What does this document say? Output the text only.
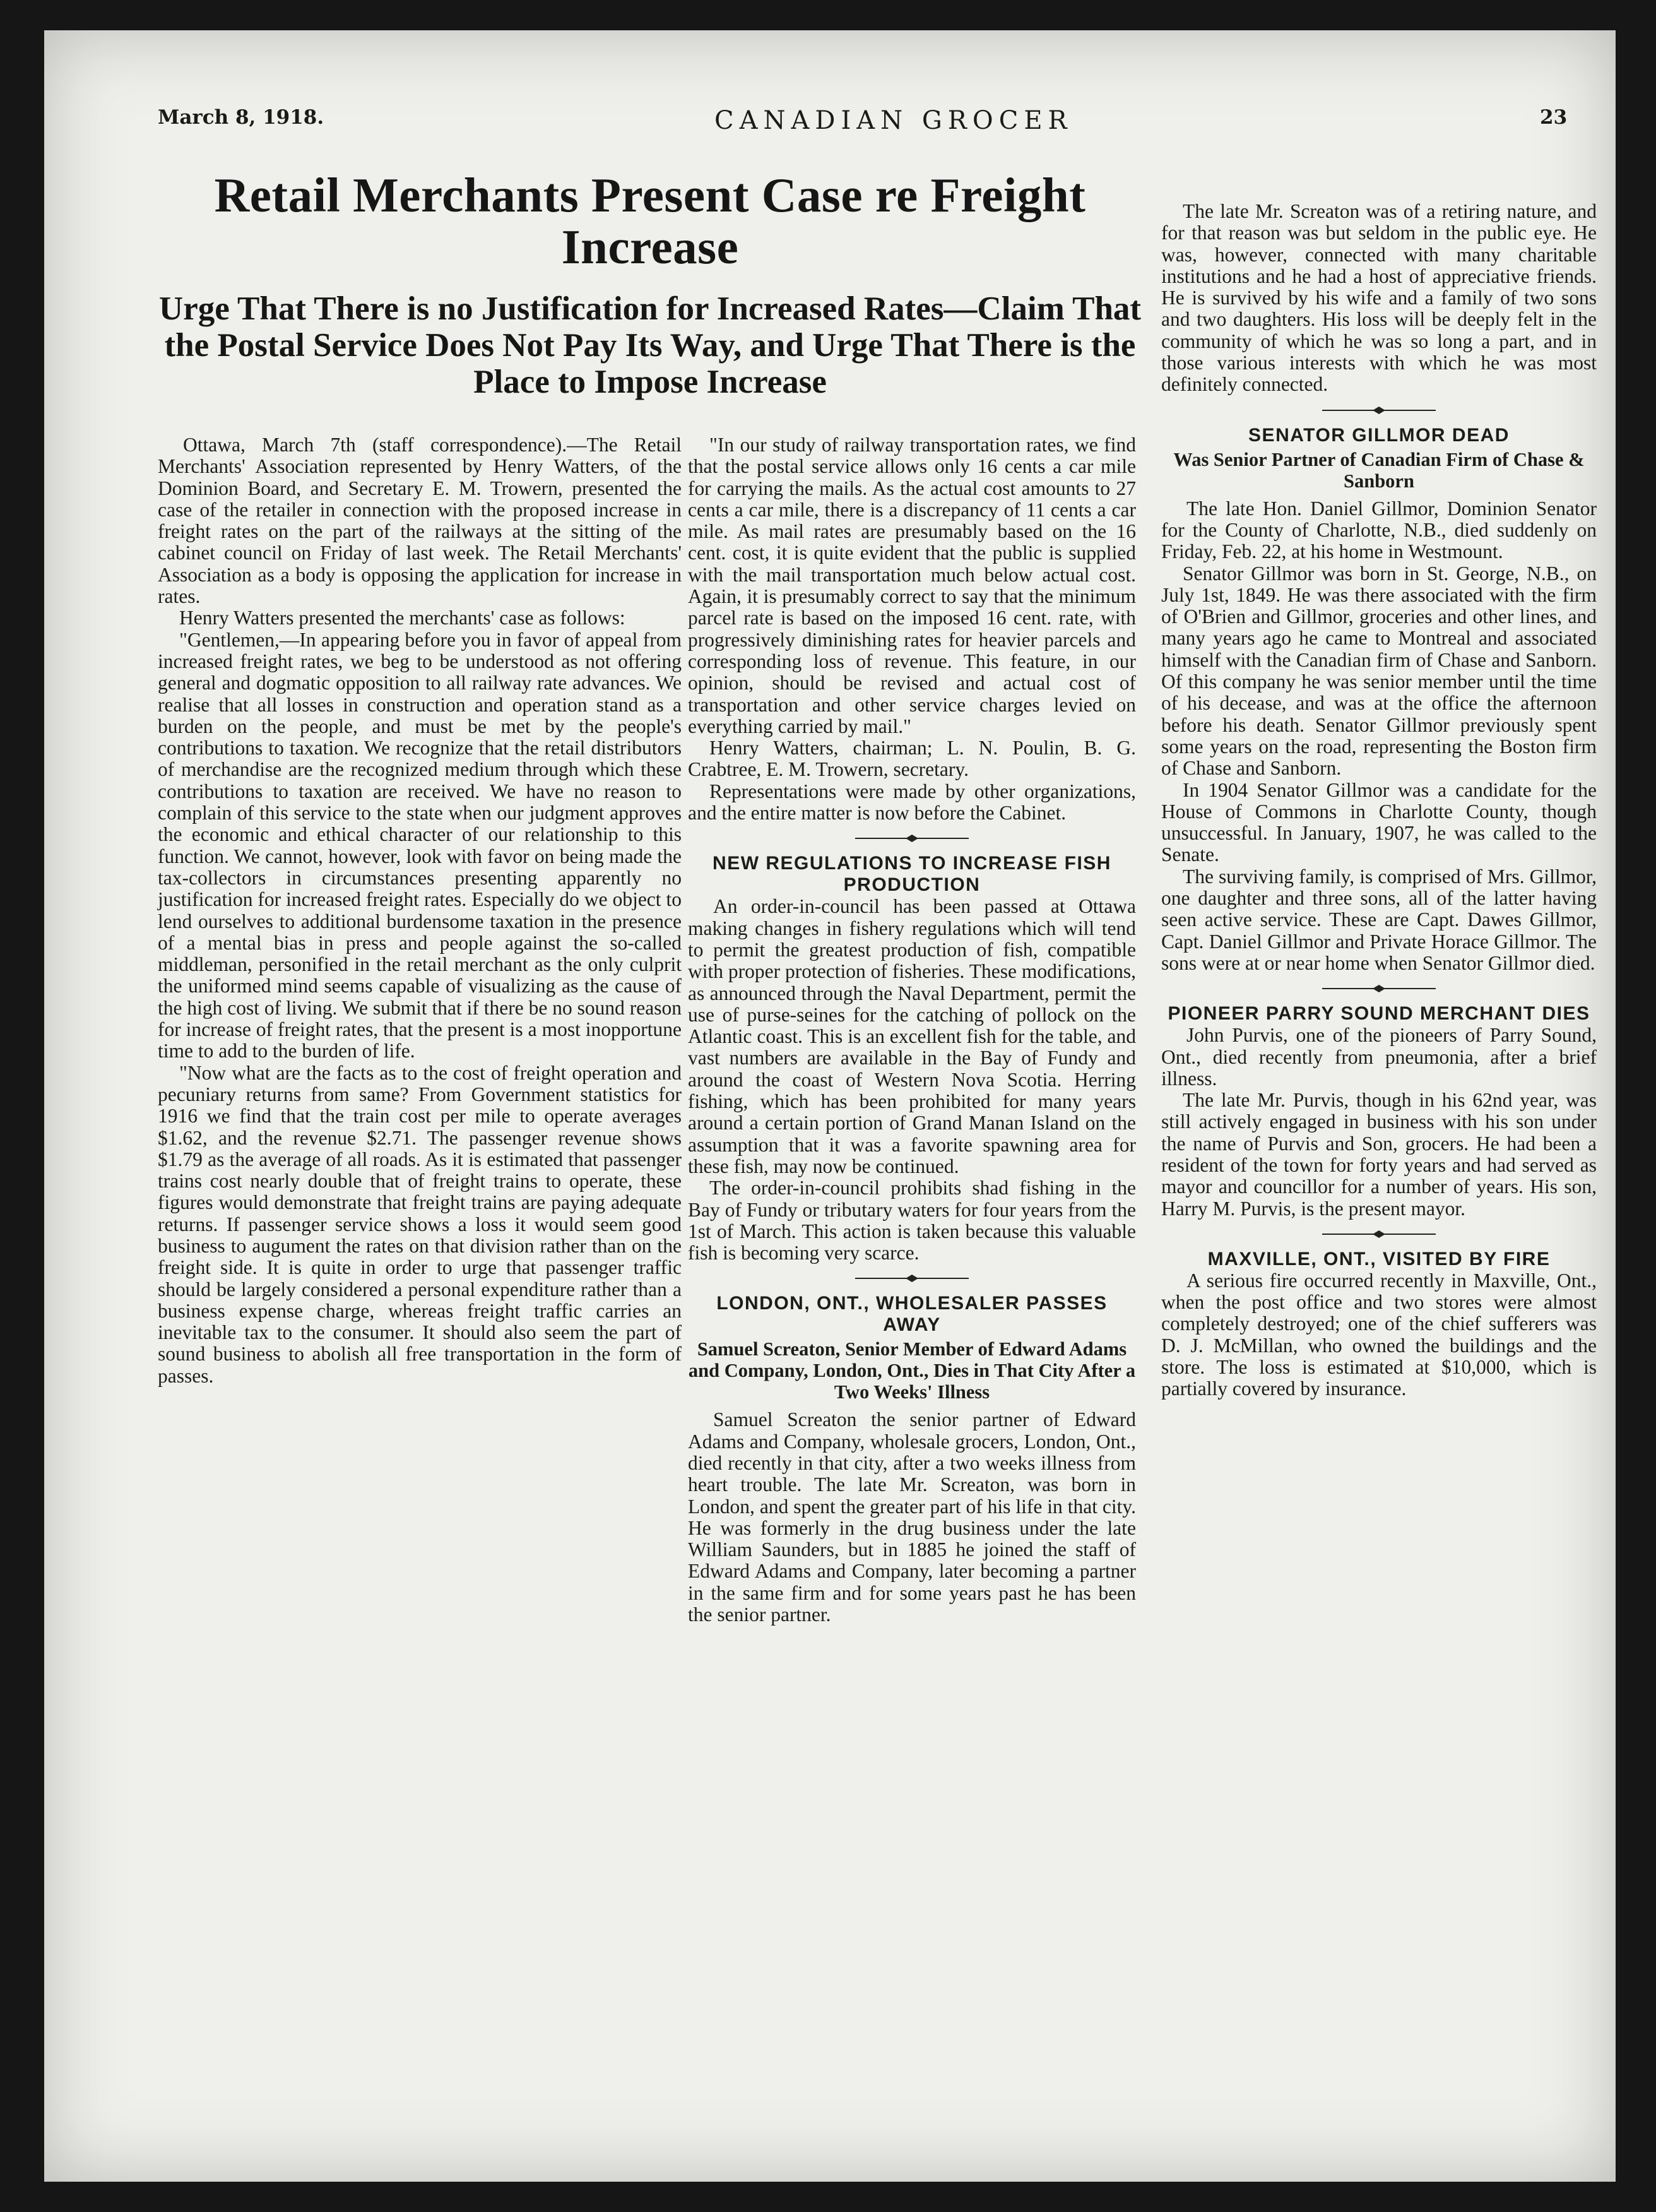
March 8, 1918.	CANADIAN GROCER	23
Retail Merchants Present Case re Freight Increase
Urge That There is no Justification for Increased Rates—Claim That the Postal Service Does Not Pay Its Way, and Urge That There is the Place to Impose Increase

Ottawa, March 7th (staff correspondence).—The Retail Merchants' Association represented by Henry Watters, of the Dominion Board, and Secretary E. M. Trowern, presented the case of the retailer in connection with the proposed increase in freight rates on the part of the railways at the sitting of the cabinet council on Friday of last week. The Retail Merchants' Association as a body is opposing the application for increase in rates.

Henry Watters presented the merchants' case as follows:

"Gentlemen,—In appearing before you in favor of appeal from increased freight rates, we beg to be understood as not offering general and dogmatic opposition to all railway rate advances. We realise that all losses in construction and operation stand as a burden on the people, and must be met by the people's contributions to taxation. We recognize that the retail distributors of merchandise are the recognized medium through which these contributions to taxation are received. We have no reason to complain of this service to the state when our judgment approves the economic and ethical character of our relationship to this function. We cannot, however, look with favor on being made the tax-collectors in circumstances presenting apparently no justification for increased freight rates. Especially do we object to lend ourselves to additional burdensome taxation in the presence of a mental bias in press and people against the so-called middleman, personified in the retail merchant as the only culprit the uniformed mind seems capable of visualizing as the cause of the high cost of living. We submit that if there be no sound reason for increase of freight rates, that the present is a most inopportune time to add to the burden of life.

"Now what are the facts as to the cost of freight operation and pecuniary returns from same? From Government statistics for 1916 we find that the train cost per mile to operate averages $1.62, and the revenue $2.71. The passenger revenue shows $1.79 as the average of all roads. As it is estimated that passenger trains cost nearly double that of freight trains to operate, these figures would demonstrate that freight trains are paying adequate returns. If passenger service shows a loss it would seem good business to augument the rates on that division rather than on the freight side. It is quite in order to urge that passenger traffic should be largely considered a personal expenditure rather than a business expense charge, whereas freight traffic carries an inevitable tax to the consumer. It should also seem the part of sound business to abolish all free transportation in the form of passes.

"In our study of railway transportation rates, we find that the postal service allows only 16 cents a car mile for carrying the mails. As the actual cost amounts to 27 cents a car mile, there is a discrepancy of 11 cents a car mile. As mail rates are presumably based on the 16 cent. cost, it is quite evident that the public is supplied with the mail transportation much below actual cost. Again, it is presumably correct to say that the minimum parcel rate is based on the imposed 16 cent. rate, with progressively diminishing rates for heavier parcels and corresponding loss of revenue. This feature, in our opinion, should be revised and actual cost of transportation and other service charges levied on everything carried by mail."

Henry Watters, chairman; L. N. Poulin, B. G. Crabtree, E. M. Trowern, secretary.

Representations were made by other organizations, and the entire matter is now before the Cabinet.

NEW REGULATIONS TO INCREASE FISH PRODUCTION

An order-in-council has been passed at Ottawa making changes in fishery regulations which will tend to permit the greatest production of fish, compatible with proper protection of fisheries. These modifications, as announced through the Naval Department, permit the use of purse-seines for the catching of pollock on the Atlantic coast. This is an excellent fish for the table, and vast numbers are available in the Bay of Fundy and around the coast of Western Nova Scotia. Herring fishing, which has been prohibited for many years around a certain portion of Grand Manan Island on the assumption that it was a favorite spawning area for these fish, may now be continued.

The order-in-council prohibits shad fishing in the Bay of Fundy or tributary waters for four years from the 1st of March. This action is taken because this valuable fish is becoming very scarce.

LONDON, ONT., WHOLESALER PASSES AWAY
Samuel Screaton, Senior Member of Edward Adams and Company, London, Ont., Dies in That City After a Two Weeks' Illness

Samuel Screaton the senior partner of Edward Adams and Company, wholesale grocers, London, Ont., died recently in that city, after a two weeks illness from heart trouble. The late Mr. Screaton, was born in London, and spent the greater part of his life in that city. He was formerly in the drug business under the late William Saunders, but in 1885 he joined the staff of Edward Adams and Company, later becoming a partner in the same firm and for some years past he has been the senior partner.

The late Mr. Screaton was of a retiring nature, and for that reason was but seldom in the public eye. He was, however, connected with many charitable institutions and he had a host of appreciative friends. He is survived by his wife and a family of two sons and two daughters. His loss will be deeply felt in the community of which he was so long a part, and in those various interests with which he was most definitely connected.

SENATOR GILLMOR DEAD
Was Senior Partner of Canadian Firm of Chase & Sanborn

The late Hon. Daniel Gillmor, Dominion Senator for the County of Charlotte, N.B., died suddenly on Friday, Feb. 22, at his home in Westmount.

Senator Gillmor was born in St. George, N.B., on July 1st, 1849. He was there associated with the firm of O'Brien and Gillmor, groceries and other lines, and many years ago he came to Montreal and associated himself with the Canadian firm of Chase and Sanborn. Of this company he was senior member until the time of his decease, and was at the office the afternoon before his death. Senator Gillmor previously spent some years on the road, representing the Boston firm of Chase and Sanborn.

In 1904 Senator Gillmor was a candidate for the House of Commons in Charlotte County, though unsuccessful. In January, 1907, he was called to the Senate.

The surviving family, is comprised of Mrs. Gillmor, one daughter and three sons, all of the latter having seen active service. These are Capt. Dawes Gillmor, Capt. Daniel Gillmor and Private Horace Gillmor. The sons were at or near home when Senator Gillmor died.

PIONEER PARRY SOUND MERCHANT DIES

John Purvis, one of the pioneers of Parry Sound, Ont., died recently from pneumonia, after a brief illness.

The late Mr. Purvis, though in his 62nd year, was still actively engaged in business with his son under the name of Purvis and Son, grocers. He had been a resident of the town for forty years and had served as mayor and councillor for a number of years. His son, Harry M. Purvis, is the present mayor.

MAXVILLE, ONT., VISITED BY FIRE

A serious fire occurred recently in Maxville, Ont., when the post office and two stores were almost completely destroyed; one of the chief sufferers was D. J. McMillan, who owned the buildings and the store. The loss is estimated at $10,000, which is partially covered by insurance.
